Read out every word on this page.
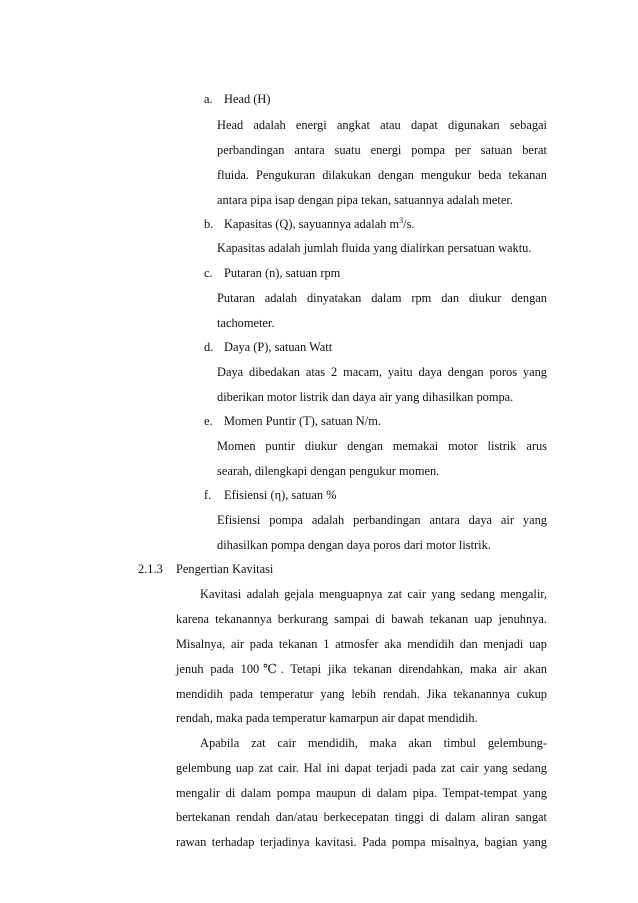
a. Head (H)
Head adalah energi angkat atau dapat digunakan sebagai
perbandingan antara suatu energi pompa per satuan berat
fluida. Pengukuran dilakukan dengan mengukur beda tekanan
antara pipa isap dengan pipa tekan, satuannya adalah meter.
b. Kapasitas (Q), sayuannya adalah $m^3/s$.
Kapasitas adalah jumlah fluida yang dialirkan persatuan waktu.
c. Putaran (n), satuan rpm
Putaran adalah dinyatakan dalam rpm dan diukur dengan
tachometer.
d. Daya (P), satuan Watt
Daya dibedakan atas 2 macam, yaitu daya dengan poros yang
diberikan motor listrik dan daya air yang dihasilkan pompa.
e. Momen Puntir (T), satuan N/m.
Momen puntir diukur dengan memakai motor listrik arus
searah, dilengkapi dengan pengukur momen.
f. Efisiensi (η), satuan %
Efisiensi pompa adalah perbandingan antara daya air yang
dihasilkan pompa dengan daya poros dari motor listrik.
2.1.3 Pengertian Kavitasi
Kavitasi adalah gejala menguapnya zat cair yang sedang mengalir,
karena tekanannya berkurang sampai di bawah tekanan uap jenuhnya.
Misalnya, air pada tekanan 1 atmosfer aka mendidih dan menjadi uap
jenuh pada 100℃. Tetapi jika tekanan direndahkan, maka air akan
mendidih pada temperatur yang lebih rendah. Jika tekanannya cukup
rendah, maka pada temperatur kamarpun air dapat mendidih.
Apabila zat cair mendidih, maka akan timbul gelembung-
gelembung uap zat cair. Hal ini dapat terjadi pada zat cair yang sedang
mengalir di dalam pompa maupun di dalam pipa. Tempat-tempat yang
bertekanan rendah dan/atau berkecepatan tinggi di dalam aliran sangat
rawan terhadap terjadinya kavitasi. Pada pompa misalnya, bagian yang
